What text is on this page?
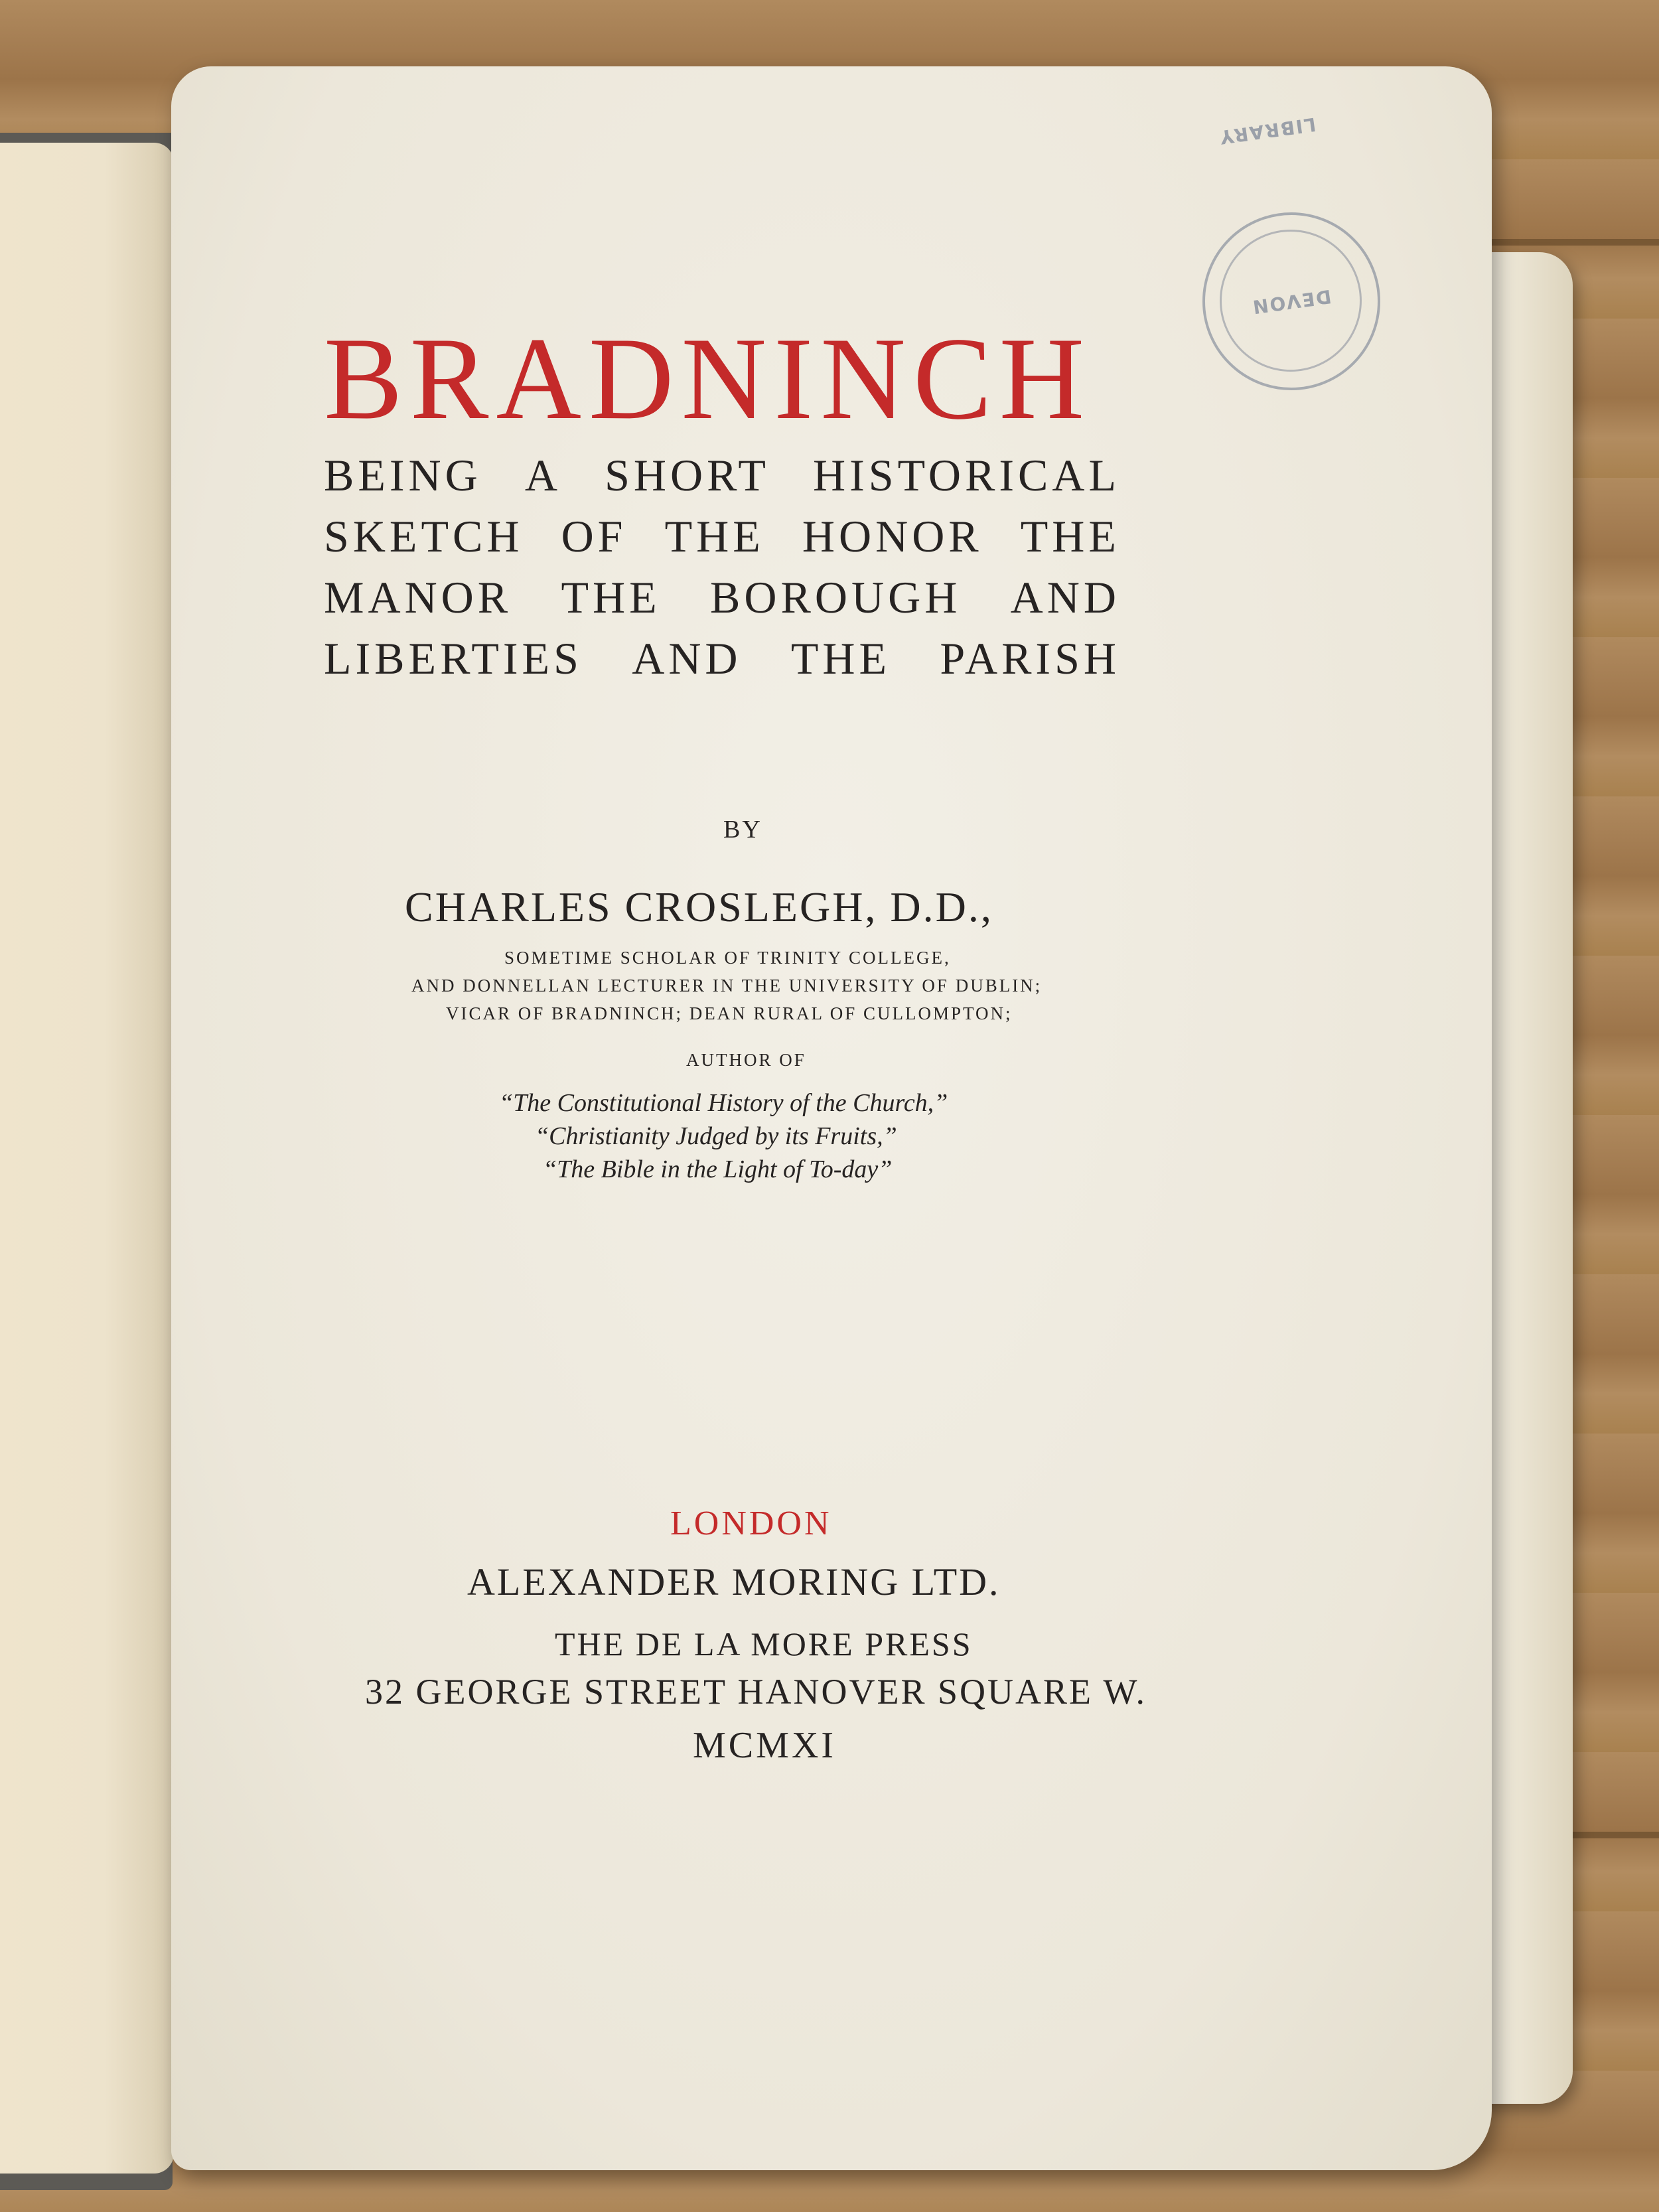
DEVON LIBRARY
BRADNINCH
BEING A SHORT HISTORICAL
SKETCH OF THE HONOR THE
MANOR THE BOROUGH AND
LIBERTIES AND THE PARISH
BY
CHARLES CROSLEGH, D.D.,
SOMETIME SCHOLAR OF TRINITY COLLEGE,
AND DONNELLAN LECTURER IN THE UNIVERSITY OF DUBLIN;
VICAR OF BRADNINCH; DEAN RURAL OF CULLOMPTON;
AUTHOR OF
“The Constitutional History of the Church,”
“Christianity Judged by its Fruits,”
“The Bible in the Light of To-day”
LONDON
ALEXANDER MORING LTD.
THE DE LA MORE PRESS
32 GEORGE STREET HANOVER SQUARE W.
MCMXI
